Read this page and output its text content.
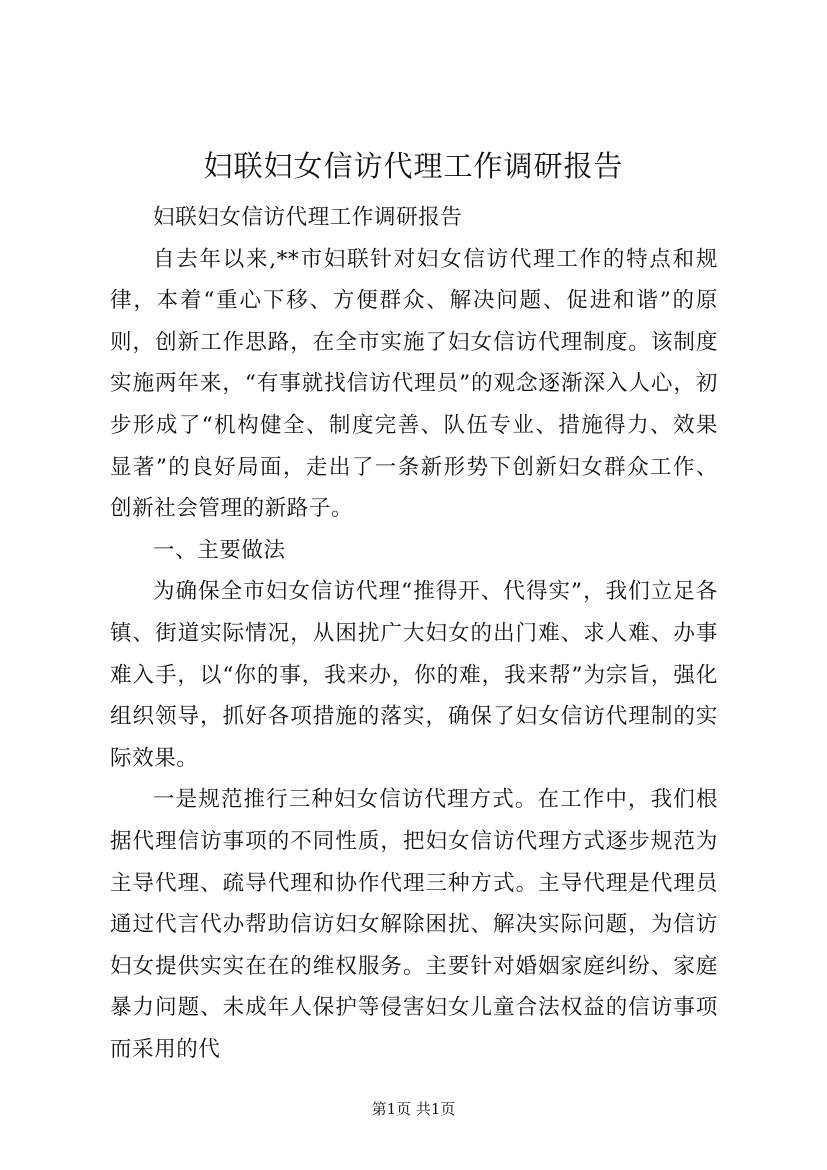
妇联妇女信访代理工作调研报告

妇联妇女信访代理工作调研报告

自去年以来,**市妇联针对妇女信访代理工作的特点和规律，本着“重心下移、方便群众、解决问题、促进和谐”的原则，创新工作思路，在全市实施了妇女信访代理制度。该制度实施两年来，“有事就找信访代理员”的观念逐渐深入人心，初步形成了“机构健全、制度完善、队伍专业、措施得力、效果显著”的良好局面，走出了一条新形势下创新妇女群众工作、创新社会管理的新路子。

一、主要做法

为确保全市妇女信访代理“推得开、代得实”，我们立足各镇、街道实际情况，从困扰广大妇女的出门难、求人难、办事难入手，以“你的事，我来办，你的难，我来帮”为宗旨，强化组织领导，抓好各项措施的落实，确保了妇女信访代理制的实际效果。

一是规范推行三种妇女信访代理方式。在工作中，我们根据代理信访事项的不同性质，把妇女信访代理方式逐步规范为主导代理、疏导代理和协作代理三种方式。主导代理是代理员通过代言代办帮助信访妇女解除困扰、解决实际问题，为信访妇女提供实实在在的维权服务。主要针对婚姻家庭纠纷、家庭暴力问题、未成年人保护等侵害妇女儿童合法权益的信访事项而采用的代

第1页 共1页
